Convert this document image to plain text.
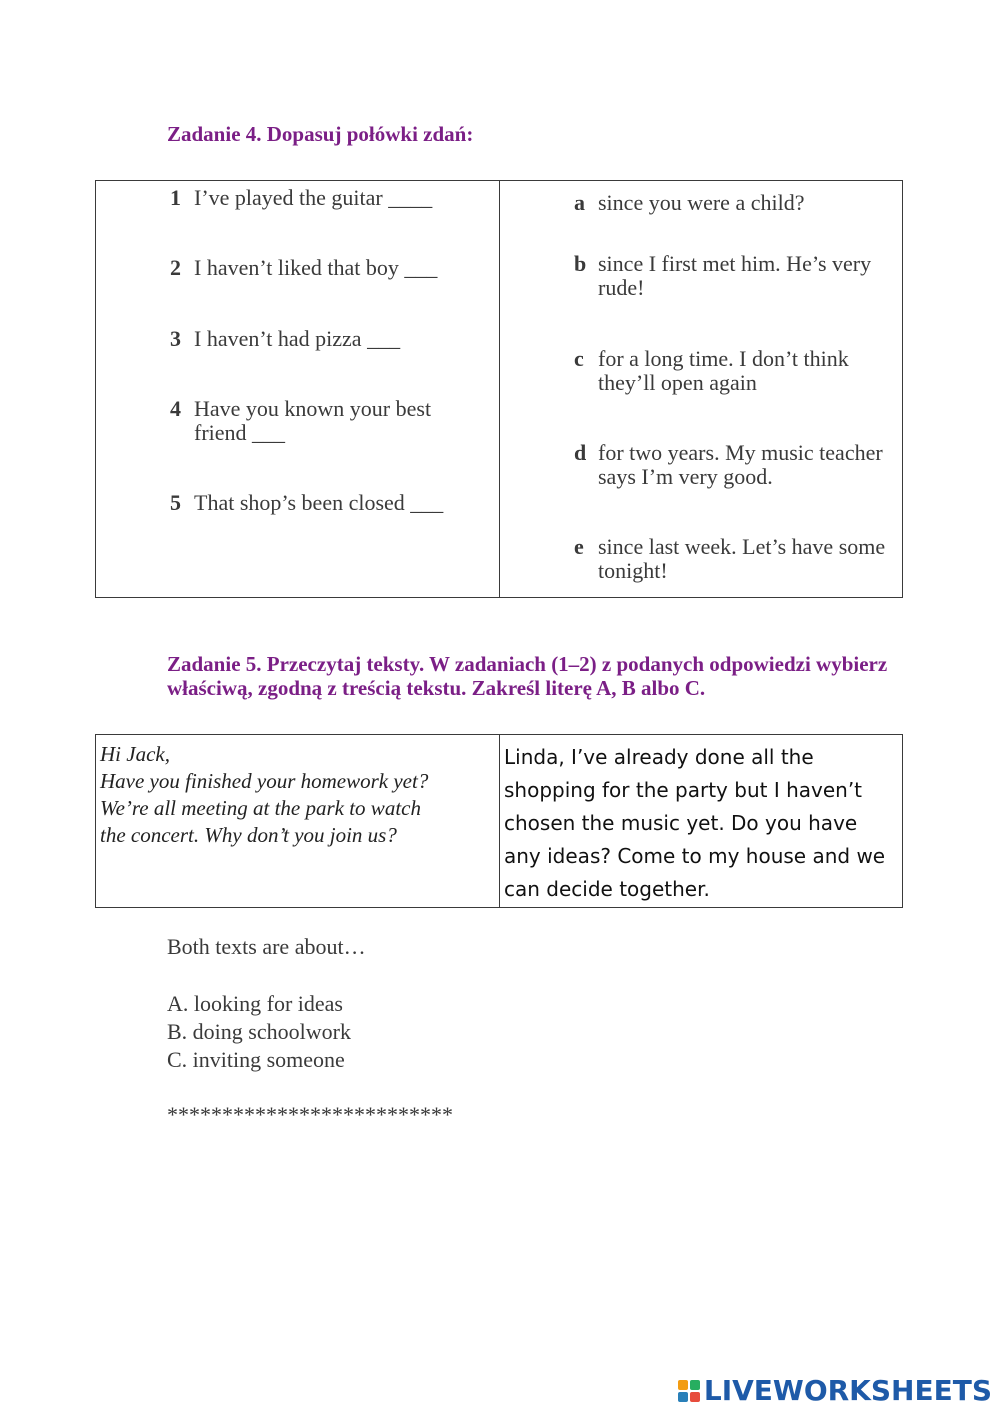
Zadanie 4. Dopasuj połówki zdań:
1 I’ve played the guitar ____
2 I haven’t liked that boy ___
3 I haven’t had pizza ___
4 Have you known your best friend ___
5 That shop’s been closed ___
a since you were a child?
b since I first met him. He’s very rude!
c for a long time. I don’t think they’ll open again
d for two years. My music teacher says I’m very good.
e since last week. Let’s have some tonight!
Zadanie 5. Przeczytaj teksty. W zadaniach (1–2) z podanych odpowiedzi wybierz właściwą, zgodną z treścią tekstu. Zakreśl literę A, B albo C.
Hi Jack,
Have you finished your homework yet?
We’re all meeting at the park to watch
the concert. Why don’t you join us?
Linda, I’ve already done all the shopping for the party but I haven’t chosen the music yet. Do you have any ideas? Come to my house and we can decide together.
Both texts are about…
A. looking for ideas
B. doing schoolwork
C. inviting someone
**************************
LIVEWORKSHEETS
